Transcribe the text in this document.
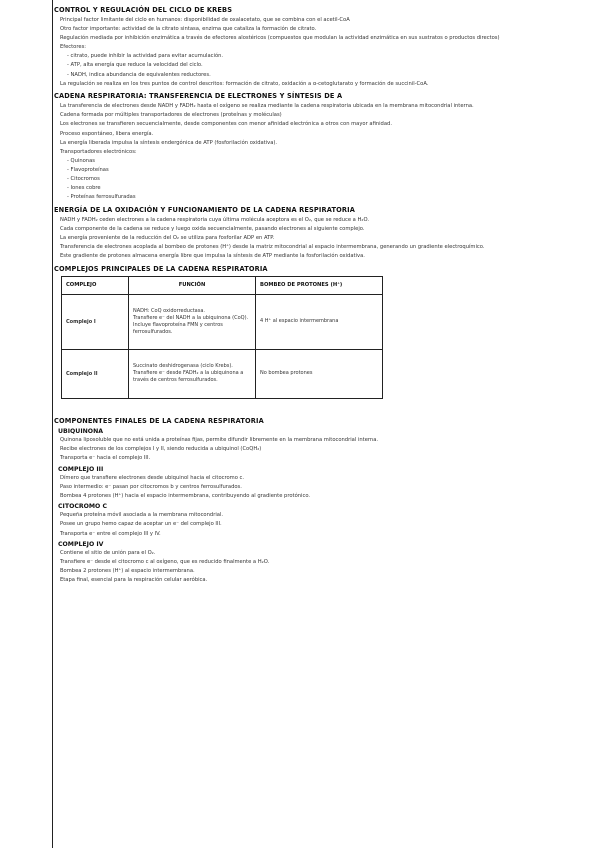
CONTROL Y REGULACIÓN DEL CICLO DE KREBS
Principal factor limitante del ciclo en humanos: disponibilidad de oxalacetato, que se combina con el acetil-CoA
Otro factor importante: actividad de la citrato sintasa, enzima que cataliza la formación de citrato.
Regulación mediada por inhibición enzimática a través de efectores alostéricos (compuestos que modulan la actividad enzimática en sus sustratos o productos directos)
Efectores:
- citrato, puede inhibir la actividad para evitar acumulación.
- ATP, alta energía que reduce la velocidad del ciclo.
- NADH, indica abundancia de equivalentes reductores.
La regulación se realiza en los tres puntos de control descritos: formación de citrato, oxidación a α-cetoglutarato y formación de succinil-CoA.
CADENA RESPIRATORIA: TRANSFERENCIA DE ELECTRONES Y SÍNTESIS DE A
La transferencia de electrones desde NADH y FADH₂ hasta el oxígeno se realiza mediante la cadena respiratoria ubicada en la membrana mitocondrial interna.
Cadena formada por múltiples transportadores de electrones (proteínas y moléculas)
Los electrones se transfieren secuencialmente, desde componentes con menor afinidad electrónica a otros con mayor afinidad.
Proceso espontáneo, libera energía.
La energía liberada impulsa la síntesis endergónica de ATP (fosforilación oxidativa).
Transportadores electrónicos:
- Quinonas
- Flavoproteínas
- Citocromos
- Iones cobre
- Proteínas ferrosulfuradas
ENERGÍA DE LA OXIDACIÓN Y FUNCIONAMIENTO DE LA CADENA RESPIRATORIA
NADH y FADH₂ ceden electrones a la cadena respiratoria cuya última molécula aceptora es el O₂, que se reduce a H₂O.
Cada componente de la cadena se reduce y luego oxida secuencialmente, pasando electrones al siguiente complejo.
La energía proveniente de la reducción del O₂ se utiliza para fosforilar ADP en ATP.
Transferencia de electrones acoplada al bombeo de protones (H⁺) desde la matriz mitocondrial al espacio intermembrana, generando un gradiente electroquímico.
Este gradiente de protones almacena energía libre que impulsa la síntesis de ATP mediante la fosforilación oxidativa.
COMPLEJOS PRINCIPALES DE LA CADENA RESPIRATORIA
COMPLEJO	FUNCIÓN	BOMBEO DE PROTONES (H⁺)
Complejo I	NADH: CoQ oxidorreductasa.
Transfiere e⁻ del NADH a la ubiquinona (CoQ).
Incluye flavoproteína FMN y centros ferrosulfurados.	4 H⁺ al espacio intermembrana
Complejo II	Succinato deshidrogenasa (ciclo Krebs).
Transfiere e⁻ desde FADH₂ a la ubiquinona a través de centros ferrosulfurados.	No bombea protones
COMPONENTES FINALES DE LA CADENA RESPIRATORIA
UBIQUINONA
Quinona liposoluble que no está unida a proteínas fijas, permite difundir libremente en la membrana mitocondrial interna.
Recibe electrones de los complejos I y II, siendo reducida a ubiquinol (CoQH₂)
Transporta e⁻ hacia el complejo III.
COMPLEJO III
Dímero que transfiere electrones desde ubiquinol hacia el citocromo c.
Paso intermedio: e⁻ pasan por citocromos b y centros ferrosulfurados.
Bombea 4 protones (H⁺) hacia el espacio intermembrana, contribuyendo al gradiente protónico.
CITOCROMO C
Pequeña proteína móvil asociada a la membrana mitocondrial.
Posee un grupo hemo capaz de aceptar un e⁻ del complejo III.
Transporta e⁻ entre el complejo III y IV.
COMPLEJO IV
Contiene el sitio de unión para el O₂.
Transfiere e⁻ desde el citocromo c al oxígeno, que es reducido finalmente a H₂O.
Bombea 2 protones (H⁺) al espacio intermembrana.
Etapa final, esencial para la respiración celular aeróbica.
